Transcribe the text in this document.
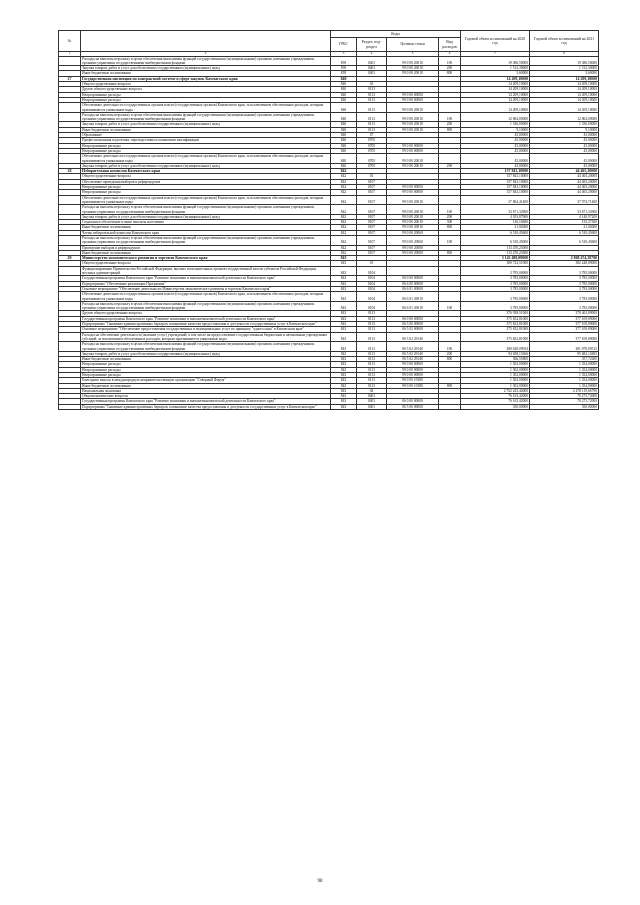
№		Коды				Годовой объем ассигнований на 2020 год	Годовой объем ассигнований на 2021 год
		ГРБС	Раздел, под-раздел	Целевая статья	Вид расходов		
1	2	3	4	5	6	7	8
	Расходы на выплаты персоналу в целях обеспечения выполнения функций государственными (муниципальными) органами, казенными учреждениями, органами управления государственными внебюджетными фондами	839	0401	99 0 00 20010	100	19 386,50000	19 386,50000
	Закупка товаров, работ и услуг для обеспечения государственных (муниципальных) нужд	839	0401	99 0 00 20010	200	1 512,30000	1 512,30000
	Иные бюджетные ассигнования	839	0401	99 0 00 20010	800	3,60000	3,60000
27	Государственная инспекция по контрактной системе в сфере закупок Камчатского края	840				14 209,10000	14 209,10000
	Общегосударственные вопросы	840	01			14 209,10000	14 209,10000
	Другие общегосударственные вопросы	840	0113			14 209,10000	14 209,10000
	Непрограммные расходы	840	0113	99 0 00 00000		14 209,10000	14 209,10000
	Непрограммные расходы	840	0113	99 0 00 00000		14 209,10000	14 209,10000
	Обеспечение деятельности государственных органов власти (государственных органов) Камчатского края, за исключением обеспеченных расходов, которым присваиваются уникальные коды	840	0113	99 0 00 20010		14 209,10000	14 209,10000
	Расходы на выплаты персоналу в целях обеспечения выполнения функций государственными (муниципальными) органами, казенными учреждениями, органами управления государственными внебюджетными фондами	840	0113	99 0 00 20010	100	12 864,00000	12 864,00000
	Закупка товаров, работ и услуг для обеспечения государственных (муниципальных) нужд	840	0113	99 0 00 20010	200	1 336,00000	1 336,00000
	Иные бюджетные ассигнования	840	0113	99 0 00 20010	800	9,10000	9,10000
	Образование	840	07			45,00000	45,00000
	Профессиональная подготовка, переподготовка и повышение квалификации	840	0705			45,00000	45,00000
	Непрограммные расходы	840	0705	99 0 00 00000		45,00000	45,00000
	Непрограммные расходы	840	0705	99 0 00 00000		45,00000	45,00000
	Обеспечение деятельности государственных органов власти (государственных органов) Камчатского края, за исключением обеспеченных расходов, которым присваиваются уникальные коды	840	0705	99 0 00 20010		45,00000	45,00000
	Закупка товаров, работ и услуг для обеспечения государственных (муниципальных) нужд	840	0705	99 0 00 20010	200	45,00000	45,00000
28	Избирательная комиссия Камчатского края	842				157 843,10000	44 465,20000
	Общегосударственные вопросы	842	01			157 843,10000	44 465,20000
	Обеспечение проведения выборов и референдумов	842	0107			157 843,10000	44 465,20000
	Непрограммные расходы	842	0107	99 0 00 00000		157 843,10000	44 465,20000
	Непрограммные расходы	842	0107	99 0 00 00000		157 843,10000	44 465,20000
	Обеспечение деятельности государственных органов власти (государственных органов) Камчатского края, за исключением обеспеченных расходов, которым присваиваются уникальные коды	842	0107	99 0 00 20010		37 862,41400	37 974,71400
	Расходы на выплаты персоналу в целях обеспечения выполнения функций государственными (муниципальными) органами, казенными учреждениями, органами управления государственными внебюджетными фондами	842	0107	99 0 00 20010	100	33 671,32900	33 671,32900
	Закупка товаров, работ и услуг для обеспечения государственных (муниципальных) нужд	842	0107	99 0 00 20010	200	4 033,87900	4 140,97200
	Социальное обеспечение и иные выплаты населению	842	0107	99 0 00 20010	300	136,16600	135,37300
	Иные бюджетные ассигнования	842	0107	99 0 00 20010	800	21,04000	21,04000
	Члены избирательной комиссии Камчатского края	842	0107	99 0 00 20060		6 510,45600	6 510,45600
	Расходы на выплаты персоналу в целях обеспечения выполнения функций государственными (муниципальными) органами, казенными учреждениями, органами управления государственными внебюджетными фондами	842	0107	99 0 00 20060	100	6 510,45600	6 510,45600
	Проведение выборов и референдумов	842	0107	99 0 00 20080		113 470,23000	
	Иные бюджетные ассигнования	842	0107	99 0 00 20080	800	113 470,23000	
29	Министерство экономического развития и торговли Камчатского края	843				3 143 480,08000	2 868 474,38790
	Общегосударственные вопросы	843	01			380 723,51000	382 248,89000
	Функционирование Правительства Российской Федерации, высших исполнительных органов государственной власти субъектов Российской Федерации, местных администраций	843	0104			3 785,00000	3 785,00000
	Государственная программа Камчатского края "Развитие экономики и внешнеэкономической деятельности Камчатского края"	843	0104	06 0 00 00000		3 785,00000	3 785,00000
	Подпрограмма "Обеспечение реализации Программы"	843	0104	06 6 00 00000		3 785,00000	3 785,00000
	Основное мероприятие "Обеспечение деятельности Министерства экономического развития и торговли Камчатского края"	843	0104	06 6 01 00000		3 785,00000	3 785,00000
	Обеспечение деятельности государственных органов власти (государственных органов) Камчатского края, за исключением обеспеченных расходов, которым присваиваются уникальные коды	843	0104	06 6 01 20010		3 785,00000	3 785,00000
	Расходы на выплаты персоналу в целях обеспечения выполнения функций государственными (муниципальными) органами, казенными учреждениями, органами управления государственными внебюджетными фондами	843	0104	06 6 01 20010	100	3 785,00000	3 785,00000
	Другие общегосударственные вопросы	843	0113			376 938,51000	378 463,89000
	Государственная программа Камчатского края "Развитие экономики и внешнеэкономической деятельности Камчатского края"	843	0113	06 0 00 00000		375 652,81000	377 109,89000
	Подпрограмма "Снижение административных барьеров, повышение качества предоставления и доступности государственных услуг в Камчатском крае"	843	0113	06 5 00 00000		375 652,81000	377 109,89000
	Основное мероприятие "Обеспечение предоставления государственных и муниципальных услуг по принципу "одного окна" в Камчатском крае"	843	0113	06 5 02 00000		375 652,81000	377 109,89000
	Расходы на обеспечение деятельности (оказание услуг) учреждений, в том числе на предоставление государственным бюджетным и автономным учреждениям субсидий, за исключением обеспеченных расходов, которым присваиваются уникальные коды	843	0113	06 5 02 29140		375 652,81000	377 109,89000
	Расходы на выплаты персоналу в целях обеспечения выполнения функций государственными (муниципальными) органами, казенными учреждениями, органами управления государственными внебюджетными фондами	843	0113	06 5 02 29140	100	280 628,09934	281 070,09515
	Закупка товаров, работ и услуг для обеспечения государственных (муниципальных) нужд	843	0113	06 5 02 29140	200	94 658,15266	95 682,10485
	Иные бюджетные ассигнования	843	0113	06 5 02 29140	800	366,55800	357,72600
	Непрограммные расходы	843	0113	99 0 00 00000		1 302,00000	1 354,00000
	Непрограммные расходы	843	0113	99 0 00 00000		1 302,00000	1 354,00000
	Непрограммные расходы	843	0113	99 0 00 00000		1 302,00000	1 354,00000
	Ежегодные взносы в международную неправительственную организацию "Северный Форум"	843	0113	99 0 00 10380		1 302,00000	1 354,00000
	Иные бюджетные ассигнования	843	0113	99 0 00 10380	800	1 302,00000	1 354,00000
	Национальная экономика	843	04			2 762 243,44000	2 478 119,66790
	Общеэкономические вопросы	843	0401			76 163,42000	70 275,72000
	Государственная программа Камчатского края "Развитие экономики и внешнеэкономической деятельности Камчатского края"	843	0401	06 0 00 00000		76 163,42000	70 275,72000
	Подпрограмма "Снижение административных барьеров, повышение качества предоставления и доступности государственных услуг в Камчатском крае"	843	0401	06 5 00 00000		350,00000	350,00000
98
